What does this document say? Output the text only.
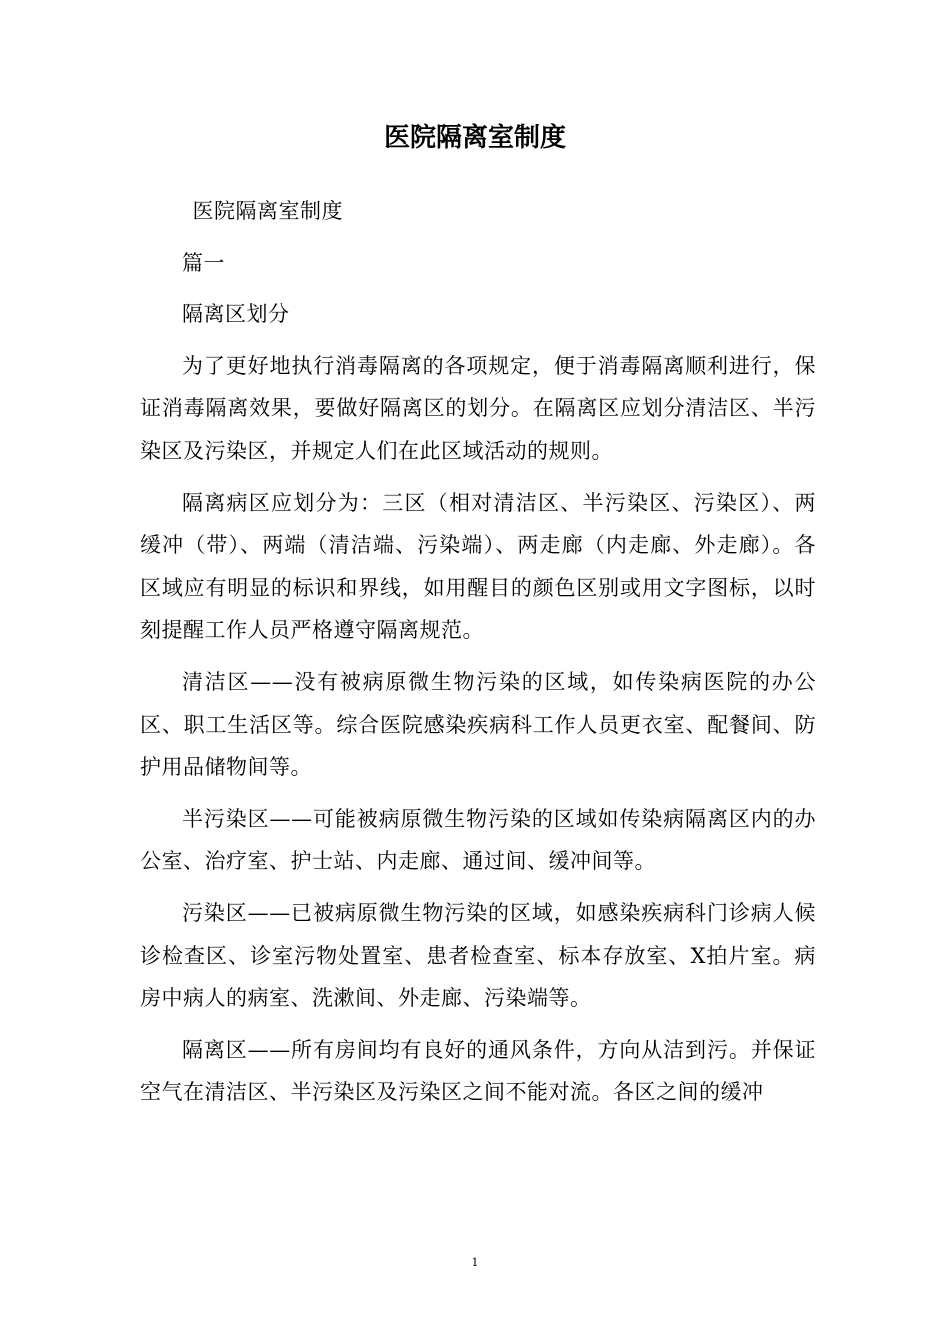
医院隔离室制度

医院隔离室制度

篇一

隔离区划分

为了更好地执行消毒隔离的各项规定，便于消毒隔离顺利进行，保证消毒隔离效果，要做好隔离区的划分。在隔离区应划分清洁区、半污染区及污染区，并规定人们在此区域活动的规则。

隔离病区应划分为：三区（相对清洁区、半污染区、污染区）、两缓冲（带）、两端（清洁端、污染端）、两走廊（内走廊、外走廊）。各区域应有明显的标识和界线，如用醒目的颜色区别或用文字图标，以时刻提醒工作人员严格遵守隔离规范。

清洁区——没有被病原微生物污染的区域，如传染病医院的办公区、职工生活区等。综合医院感染疾病科工作人员更衣室、配餐间、防护用品储物间等。

半污染区——可能被病原微生物污染的区域如传染病隔离区内的办公室、治疗室、护士站、内走廊、通过间、缓冲间等。

污染区——已被病原微生物污染的区域，如感染疾病科门诊病人候诊检查区、诊室污物处置室、患者检查室、标本存放室、X拍片室。病房中病人的病室、洗漱间、外走廊、污染端等。

隔离区——所有房间均有良好的通风条件，方向从洁到污。并保证空气在清洁区、半污染区及污染区之间不能对流。各区之间的缓冲

1
